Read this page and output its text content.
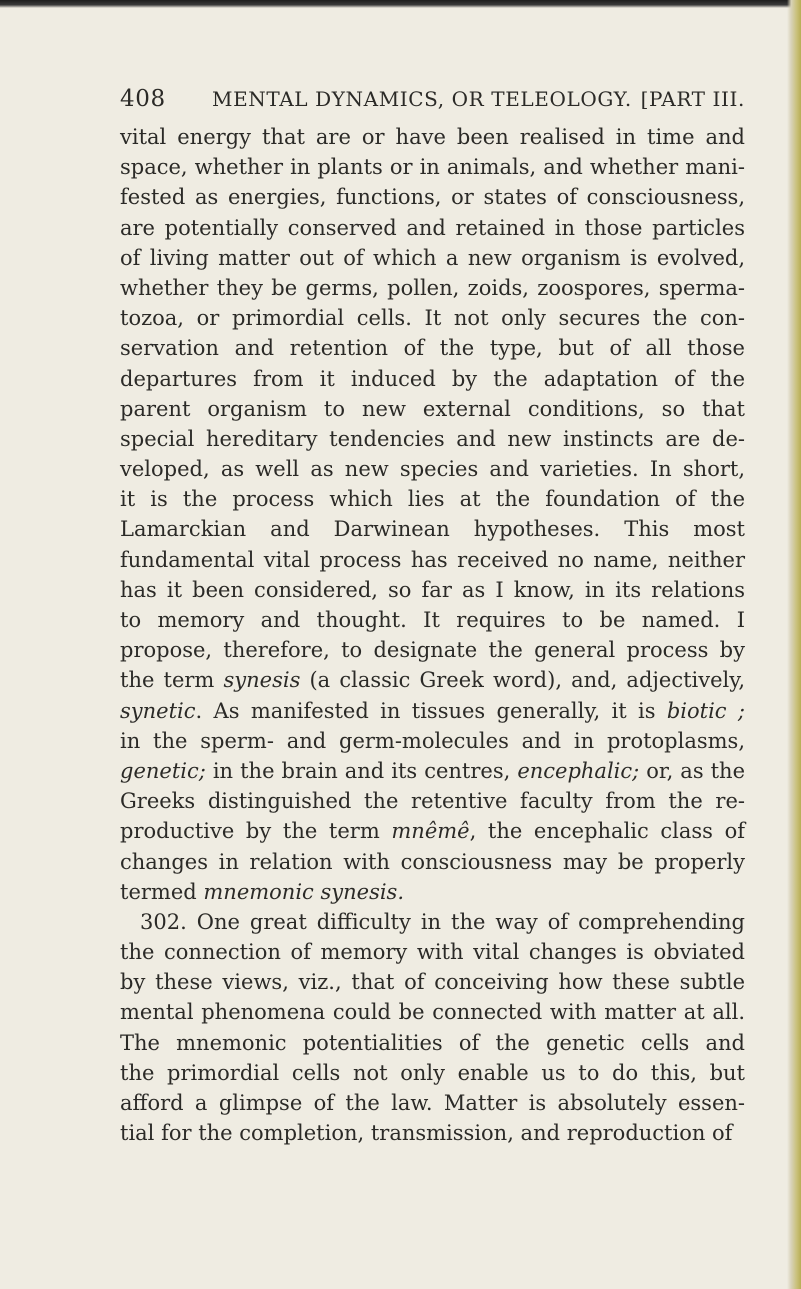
408 MENTAL DYNAMICS, OR TELEOLOGY. [PART III.
vital energy that are or have been realised in time and
space, whether in plants or in animals, and whether mani-
fested as energies, functions, or states of consciousness,
are potentially conserved and retained in those particles
of living matter out of which a new organism is evolved,
whether they be germs, pollen, zoids, zoospores, sperma-
tozoa, or primordial cells. It not only secures the con-
servation and retention of the type, but of all those
departures from it induced by the adaptation of the
parent organism to new external conditions, so that
special hereditary tendencies and new instincts are de-
veloped, as well as new species and varieties. In short,
it is the process which lies at the foundation of the
Lamarckian and Darwinean hypotheses. This most
fundamental vital process has received no name, neither
has it been considered, so far as I know, in its relations
to memory and thought. It requires to be named. I
propose, therefore, to designate the general process by
the term synesis (a classic Greek word), and, adjectively,
synetic. As manifested in tissues generally, it is biotic ;
in the sperm- and germ-molecules and in protoplasms,
genetic; in the brain and its centres, encephalic; or, as the
Greeks distinguished the retentive faculty from the re-
productive by the term mnêmê, the encephalic class of
changes in relation with consciousness may be properly
termed mnemonic synesis.
302. One great difficulty in the way of comprehending
the connection of memory with vital changes is obviated
by these views, viz., that of conceiving how these subtle
mental phenomena could be connected with matter at all.
The mnemonic potentialities of the genetic cells and
the primordial cells not only enable us to do this, but
afford a glimpse of the law. Matter is absolutely essen-
tial for the completion, transmission, and reproduction of
